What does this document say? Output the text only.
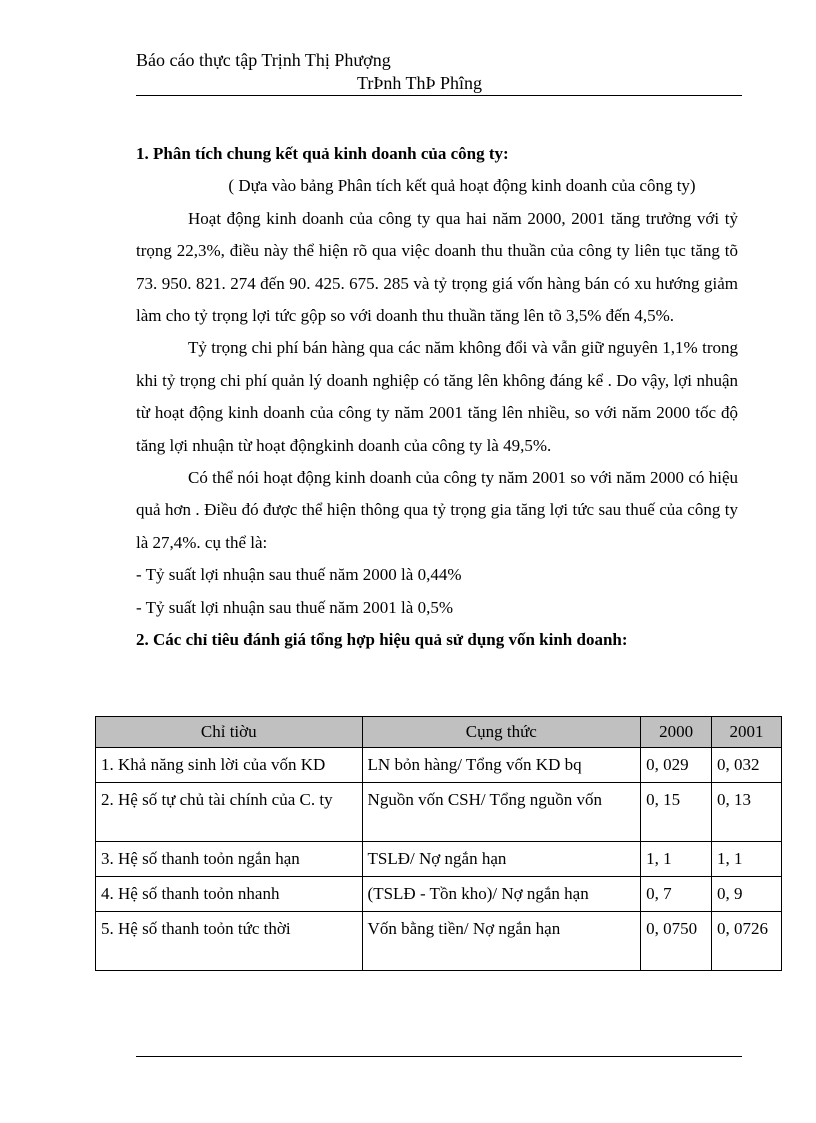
Báo cáo thực tập Trịnh Thị Phượng
TrÞnh ThÞ Phîng
1. Phân tích chung kết quả kinh doanh của công ty:

( Dựa vào bảng Phân tích kết quả hoạt động kinh doanh của công ty)

Hoạt động kinh doanh của công ty qua hai năm 2000, 2001 tăng trưởng với tỷ trọng 22,3%, điều này thể hiện rõ qua việc doanh thu thuần của công ty liên tục tăng tõ 73. 950. 821. 274 đến 90. 425. 675. 285 và tỷ trọng giá vốn hàng bán có xu hướng giảm làm cho tỷ trọng lợi tức gộp so với doanh thu thuần tăng lên tõ 3,5% đến 4,5%.

Tỷ trọng chi phí bán hàng qua các năm không đổi và vẫn giữ nguyên 1,1% trong khi tỷ trọng chi phí quản lý doanh nghiệp có tăng lên không đáng kể . Do vậy, lợi nhuận từ hoạt động kinh doanh của công ty năm 2001 tăng lên nhiều, so với năm 2000 tốc độ tăng lợi nhuận từ hoạt độngkinh doanh của công ty là 49,5%.

Có thể nói hoạt động kinh doanh của công ty năm 2001 so với năm 2000 có hiệu quả hơn . Điều đó được thể hiện thông qua tỷ trọng gia tăng lợi tức sau thuế của công ty là 27,4%. cụ thể là:

- Tỷ suất lợi nhuận sau thuế năm 2000 là 0,44%

- Tỷ suất lợi nhuận sau thuế năm 2001 là 0,5%

2. Các chỉ tiêu đánh giá tổng hợp hiệu quả sử dụng vốn kinh doanh:
Chỉ tiờu	Cụng thức	2000	2001
1. Khả năng sinh lời của vốn KD	LN bỏn hàng/ Tổng vốn KD bq	0, 029	0, 032
2. Hệ số tự chủ tài chính của C. ty	Nguồn vốn CSH/ Tổng nguồn vốn	0, 15	0, 13
3. Hệ số thanh toỏn ngắn hạn	TSLĐ/ Nợ ngắn hạn	1, 1	1, 1
4. Hệ số thanh toỏn nhanh	(TSLĐ - Tồn kho)/ Nợ ngắn hạn	0, 7	0, 9
5. Hệ số thanh toỏn tức thời	Vốn bằng tiền/ Nợ ngắn hạn	0, 0750	0, 0726
